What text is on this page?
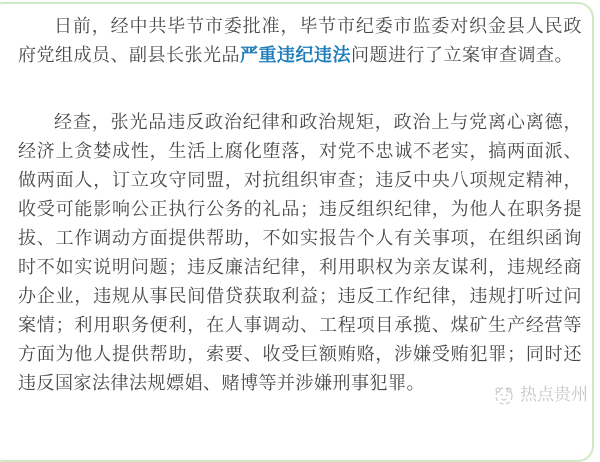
日前，经中共毕节市委批准，毕节市纪委市监委对织金县人民政府党组成员、副县长张光品严重违纪违法问题进行了立案审查调查。

经查，张光品违反政治纪律和政治规矩，政治上与党离心离德，经济上贪婪成性，生活上腐化堕落，对党不忠诚不老实，搞两面派、做两面人，订立攻守同盟，对抗组织审查；违反中央八项规定精神，收受可能影响公正执行公务的礼品；违反组织纪律，为他人在职务提拔、工作调动方面提供帮助，不如实报告个人有关事项，在组织函询时不如实说明问题；违反廉洁纪律，利用职权为亲友谋利，违规经商办企业，违规从事民间借贷获取利益；违反工作纪律，违规打听过问案情；利用职务便利，在人事调动、工程项目承揽、煤矿生产经营等方面为他人提供帮助，索要、收受巨额贿赂，涉嫌受贿犯罪；同时还违反国家法律法规嫖娼、赌博等并涉嫌刑事犯罪。

热点贵州
